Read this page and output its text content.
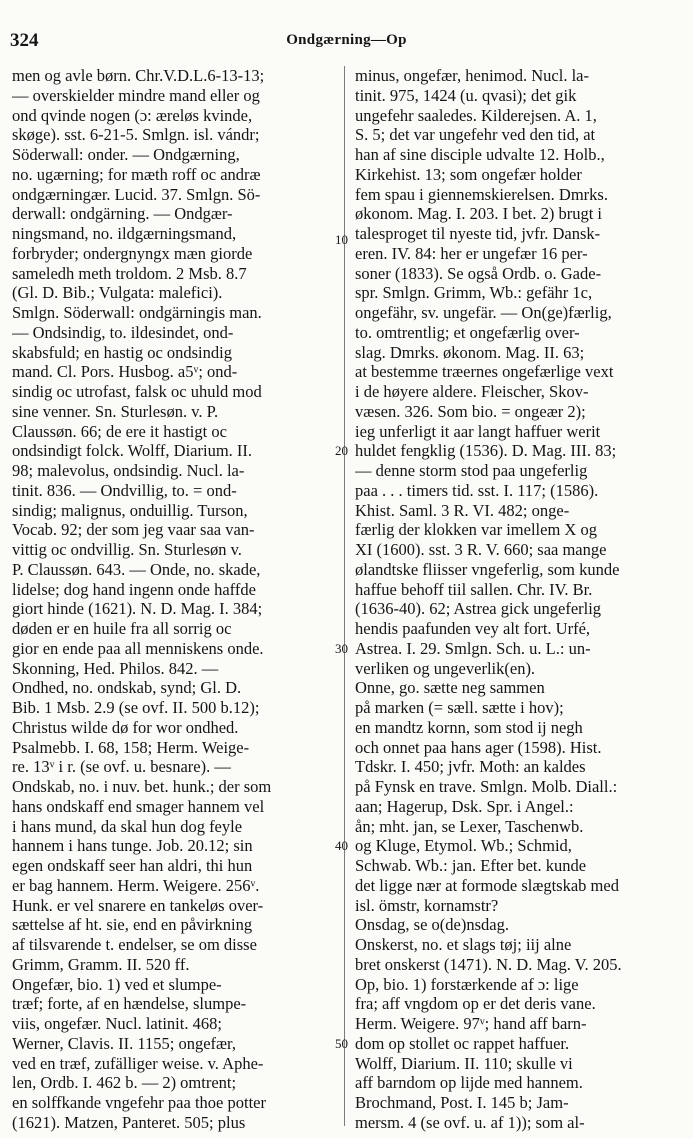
324	Ondgærning—Op
men og avle børn. Chr.V.D.L.6-13-13;
— overskielder mindre mand eller og
ond qvinde nogen (ɔ: æreløs kvinde,
skøge). sst. 6-21-5. Smlgn. isl. vándr;
Söderwall: onder. — Ondgærning,
no. ugærning; for mæth roff oc andræ
ondgærningær. Lucid. 37. Smlgn. Sö-
derwall: ondgärning. — Ondgær-
ningsmand, no. ildgærningsmand,
forbryder; ondergnyngx mæn giorde
sameledh meth troldom. 2 Msb. 8.7
(Gl. D. Bib.; Vulgata: malefici).
Smlgn. Söderwall: ondgärningis man.
— Ondsindig, to. ildesindet, ond-
skabsfuld; en hastig oc ondsindig
mand. Cl. Pors. Husbog. a5ᵛ; ond-
sindig oc utrofast, falsk oc uhuld mod
sine venner. Sn. Sturlesøn. v. P.
Claussøn. 66; de ere it hastigt oc
ondsindigt folck. Wolff, Diarium. II.
98; malevolus, ondsindig. Nucl. la-
tinit. 836. — Ondvillig, to. = ond-
sindig; malignus, onduillig. Turson,
Vocab. 92; der som jeg vaar saa van-
vittig oc ondvillig. Sn. Sturlesøn v.
P. Claussøn. 643. — Onde, no. skade,
lidelse; dog hand ingenn onde haffde
giort hinde (1621). N. D. Mag. I. 384;
døden er en huile fra all sorrig oc
gior en ende paa all menniskens onde.
Skonning, Hed. Philos. 842. —
Ondhed, no. ondskab, synd; Gl. D.
Bib. 1 Msb. 2.9 (se ovf. II. 500 b.12);
Christus wilde dø for wor ondhed.
Psalmebb. I. 68, 158; Herm. Weige-
re. 13ᵛ i r. (se ovf. u. besnare). —
Ondskab, no. i nuv. bet. hunk.; der som
hans ondskaff end smager hannem vel
i hans mund, da skal hun dog feyle
hannem i hans tunge. Job. 20.12; sin
egen ondskaff seer han aldri, thi hun
er bag hannem. Herm. Weigere. 256ᵛ.
Hunk. er vel snarere en tankeløs over-
sættelse af ht. sie, end en påvirkning
af tilsvarende t. endelser, se om disse
Grimm, Gramm. II. 520 ff.
Ongefær, bio. 1) ved et slumpe-
træf; forte, af en hændelse, slumpe-
viis, ongefær. Nucl. latinit. 468;
Werner, Clavis. II. 1155; ongefær,
ved en træf, zufälliger weise. v. Aphe-
len, Ordb. I. 462 b. — 2) omtrent;
en solffkande vngefehr paa thoe potter
(1621). Matzen, Panteret. 505; plus
minus, ongefær, henimod. Nucl. la-
tinit. 975, 1424 (u. qvasi); det gik
ungefehr saaledes. Kilderejsen. A. 1,
S. 5; det var ungefehr ved den tid, at
han af sine disciple udvalte 12. Holb.,
Kirkehist. 13; som ongefær holder
fem spau i giennemskierelsen. Dmrks.
økonom. Mag. I. 203. I bet. 2) brugt i
talesproget til nyeste tid, jvfr. Dansk-
eren. IV. 84: her er ungefær 16 per-
soner (1833). Se også Ordb. o. Gade-
spr. Smlgn. Grimm, Wb.: gefähr 1c,
ongefähr, sv. ungefär. — On(ge)færlig,
to. omtrentlig; et ongefærlig over-
slag. Dmrks. økonom. Mag. II. 63;
at bestemme træernes ongefærlige vext
i de høyere aldere. Fleischer, Skov-
væsen. 326. Som bio. = ongeær 2);
ieg unferligt it aar langt haffuer werit
huldet fengklig (1536). D. Mag. III. 83;
— denne storm stod paa ungeferlig
paa . . . timers tid. sst. I. 117; (1586).
Khist. Saml. 3 R. VI. 482; onge-
færlig der klokken var imellem X og
XI (1600). sst. 3 R. V. 660; saa mange
ølandtske fliisser vngeferlig, som kunde
haffue behoff tiil sallen. Chr. IV. Br.
(1636-40). 62; Astrea gick ungeferlig
hendis paafunden vey alt fort. Urfé,
Astrea. I. 29. Smlgn. Sch. u. L.: un-
verliken og ungeverlik(en).
Onne, go. sætte neg sammen
på marken (= sæll. sætte i hov);
en mandtz kornn, som stod ij negh
och onnet paa hans ager (1598). Hist.
Tdskr. I. 450; jvfr. Moth: an kaldes
på Fynsk en trave. Smlgn. Molb. Diall.:
aan; Hagerup, Dsk. Spr. i Angel.:
ån; mht. jan, se Lexer, Taschenwb.
og Kluge, Etymol. Wb.; Schmid,
Schwab. Wb.: jan. Efter bet. kunde
det ligge nær at formode slægtskab med
isl. ömstr, kornamstr?
Onsdag, se o(de)nsdag.
Onskerst, no. et slags tøj; iij alne
bret onskerst (1471). N. D. Mag. V. 205.
Op, bio. 1) forstærkende af ɔ: lige
fra; aff vngdom op er det deris vane.
Herm. Weigere. 97ᵛ; hand aff barn-
dom op stollet oc rappet haffuer.
Wolff, Diarium. II. 110; skulle vi
aff barndom op lijde med hannem.
Brochmand, Post. I. 145 b; Jam-
mersm. 4 (se ovf. u. af 1)); som al-
10
20
30
40
50
